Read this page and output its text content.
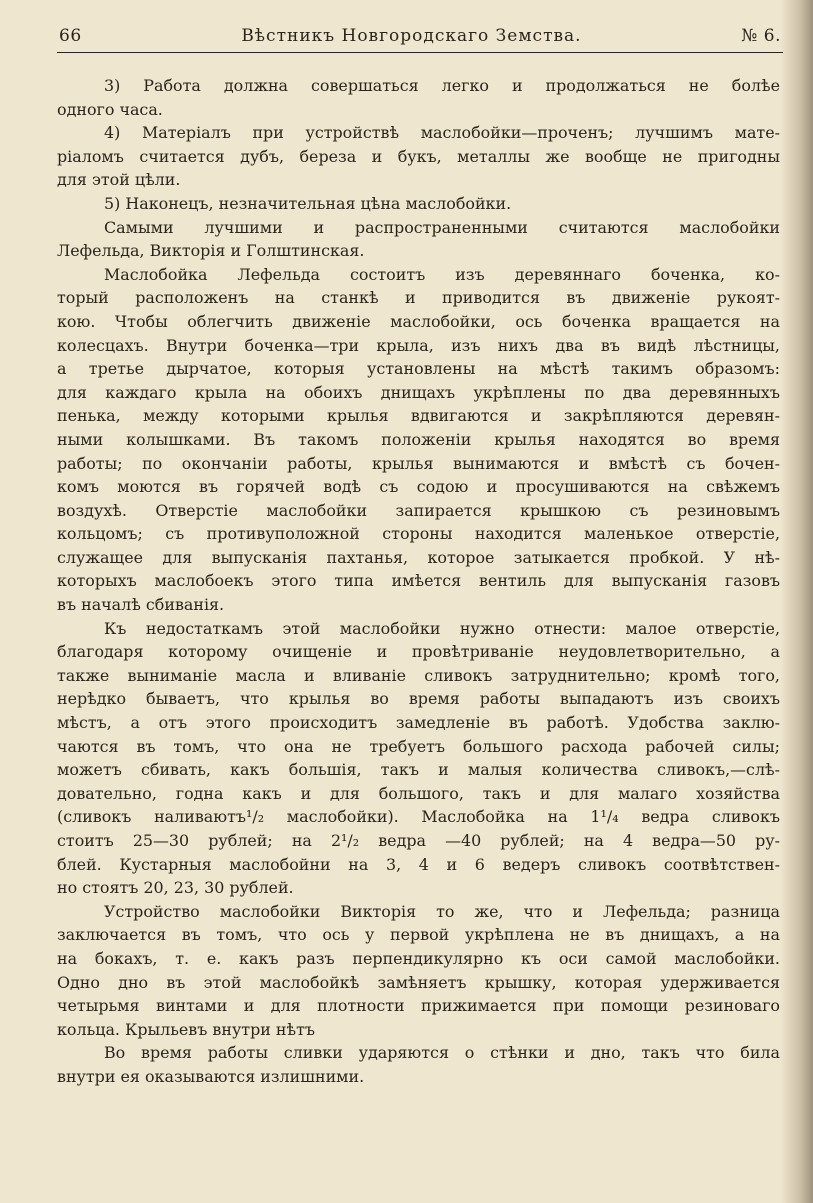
66	Вѣстникъ Новгородскаго Земства.	№ 6.
3) Работа должна совершаться легко и продолжаться не болѣе
одного часа.
4) Матеріалъ при устройствѣ маслобойки—проченъ; лучшимъ мате-
ріаломъ считается дубъ, береза и букъ, металлы же вообще не пригодны
для этой цѣли.
5) Наконецъ, незначительная цѣна маслобойки.
Самыми лучшими и распространенными считаются маслобойки
Лефельда, Викторія и Голштинская.
Маслобойка Лефельда состоитъ изъ деревяннаго боченка, ко-
торый расположенъ на станкѣ и приводится въ движеніе рукоят-
кою. Чтобы облегчить движеніе маслобойки, ось боченка вращается на
колесцахъ. Внутри боченка—три крыла, изъ нихъ два въ видѣ лѣстницы,
а третье дырчатое, которыя установлены на мѣстѣ такимъ образомъ:
для каждаго крыла на обоихъ днищахъ укрѣплены по два деревянныхъ
пенька, между которыми крылья вдвигаются и закрѣпляются деревян-
ными колышками. Въ такомъ положеніи крылья находятся во время
работы; по окончаніи работы, крылья вынимаются и вмѣстѣ съ бочен-
комъ моются въ горячей водѣ съ содою и просушиваются на свѣжемъ
воздухѣ. Отверстіе маслобойки запирается крышкою съ резиновымъ
кольцомъ; съ противуположной стороны находится маленькое отверстіе,
служащее для выпусканія пахтанья, которое затыкается пробкой. У нѣ-
которыхъ маслобоекъ этого типа имѣется вентиль для выпусканія газовъ
въ началѣ сбиванія.
Къ недостаткамъ этой маслобойки нужно отнести: малое отверстіе,
благодаря которому очищеніе и провѣтриваніе неудовлетворительно, а
также выниманіе масла и вливаніе сливокъ затруднительно; кромѣ того,
нерѣдко бываетъ, что крылья во время работы выпадаютъ изъ своихъ
мѣстъ, а отъ этого происходитъ замедленіе въ работѣ. Удобства заклю-
чаются въ томъ, что она не требуетъ большого расхода рабочей силы;
можетъ сбивать, какъ большія, такъ и малыя количества сливокъ,—слѣ-
довательно, годна какъ и для большого, такъ и для малаго хозяйства
(сливокъ наливаютъ¹/₂ маслобойки). Маслобойка на 1¹/₄ ведра сливокъ
стоитъ 25—30 рублей; на 2¹/₂ ведра —40 рублей; на 4 ведра—50 ру-
блей. Кустарныя маслобойни на 3, 4 и 6 ведеръ сливокъ соотвѣтствен-
но стоятъ 20, 23, 30 рублей.
Устройство маслобойки Викторія то же, что и Лефельда; разница
заключается въ томъ, что ось у первой укрѣплена не въ днищахъ, а на
на бокахъ, т. е. какъ разъ перпендикулярно къ оси самой маслобойки.
Одно дно въ этой маслобойкѣ замѣняетъ крышку, которая удерживается
четырьмя винтами и для плотности прижимается при помощи резиноваго
кольца. Крыльевъ внутри нѣтъ
Во время работы сливки ударяются о стѣнки и дно, такъ что била
внутри ея оказываются излишними.
